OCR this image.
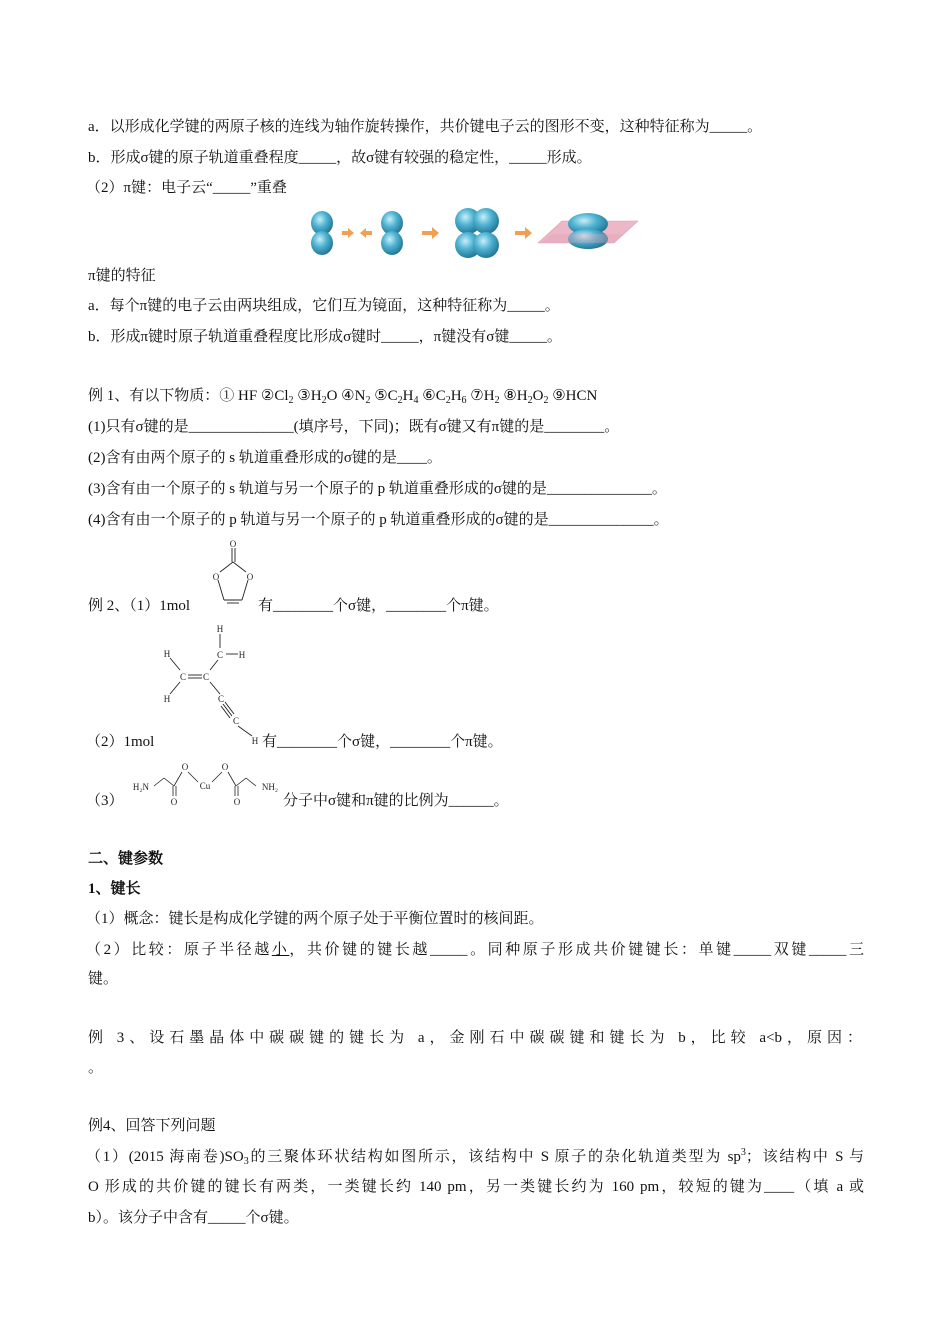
a．以形成化学键的两原子核的连线为轴作旋转操作，共价键电子云的图形不变，这种特征称为_____。
b．形成σ键的原子轨道重叠程度_____，故σ键有较强的稳定性，_____形成。
（2）π键：电子云“_____”重叠
π键的特征
a．每个π键的电子云由两块组成，它们互为镜面，这种特征称为_____。
b．形成π键时原子轨道重叠程度比形成σ键时_____，π键没有σ键_____。
例 1、有以下物质：① HF $②Cl_2$ $③H_2O$ $④N_2$ $⑤C_2H_4$ $⑥C_2H_6$ $⑦H_2$ $⑧H_2O_2$ ⑨HCN
(1)只有σ键的是______________(填序号，下同)；既有σ键又有π键的是________。
(2)含有由两个原子的 s 轨道重叠形成的σ键的是____。
(3)含有由一个原子的 s 轨道与另一个原子的 p 轨道重叠形成的σ键的是______________。
(4)含有由一个原子的 p 轨道与另一个原子的 p 轨道重叠形成的σ键的是______________。
例 2、（1）1mol
O
O	O
有________个σ键，________个π键。
H
H
C C
H
H
C
C
C
H
（2）1mol	有________个σ键，________个π键。
（3）
H₂N
O
O
Cu
O
O
NH₂
分子中σ键和π键的比例为______。
二、键参数
1、键长
（1）概念：键长是构成化学键的两个原子处于平衡位置时的核间距。
（2）比较：原子半径越小，共价键的键长越_____。同种原子形成共价键键长：单键_____双键_____三
键。
例 3、设石墨晶体中碳碳键的键长为 a，金刚石中碳碳键和键长为 b，比较 a<b，原因：
。
例4、回答下列问题
（1）(2015 海南卷)$SO_3$的三聚体环状结构如图所示，该结构中 S 原子的杂化轨道类型为 $sp^3$；该结构中 S 与
O 形成的共价键的键长有两类，一类键长约 140 pm，另一类键长约为 160 pm，较短的键为____（填 a 或
b）。该分子中含有_____个σ键。
